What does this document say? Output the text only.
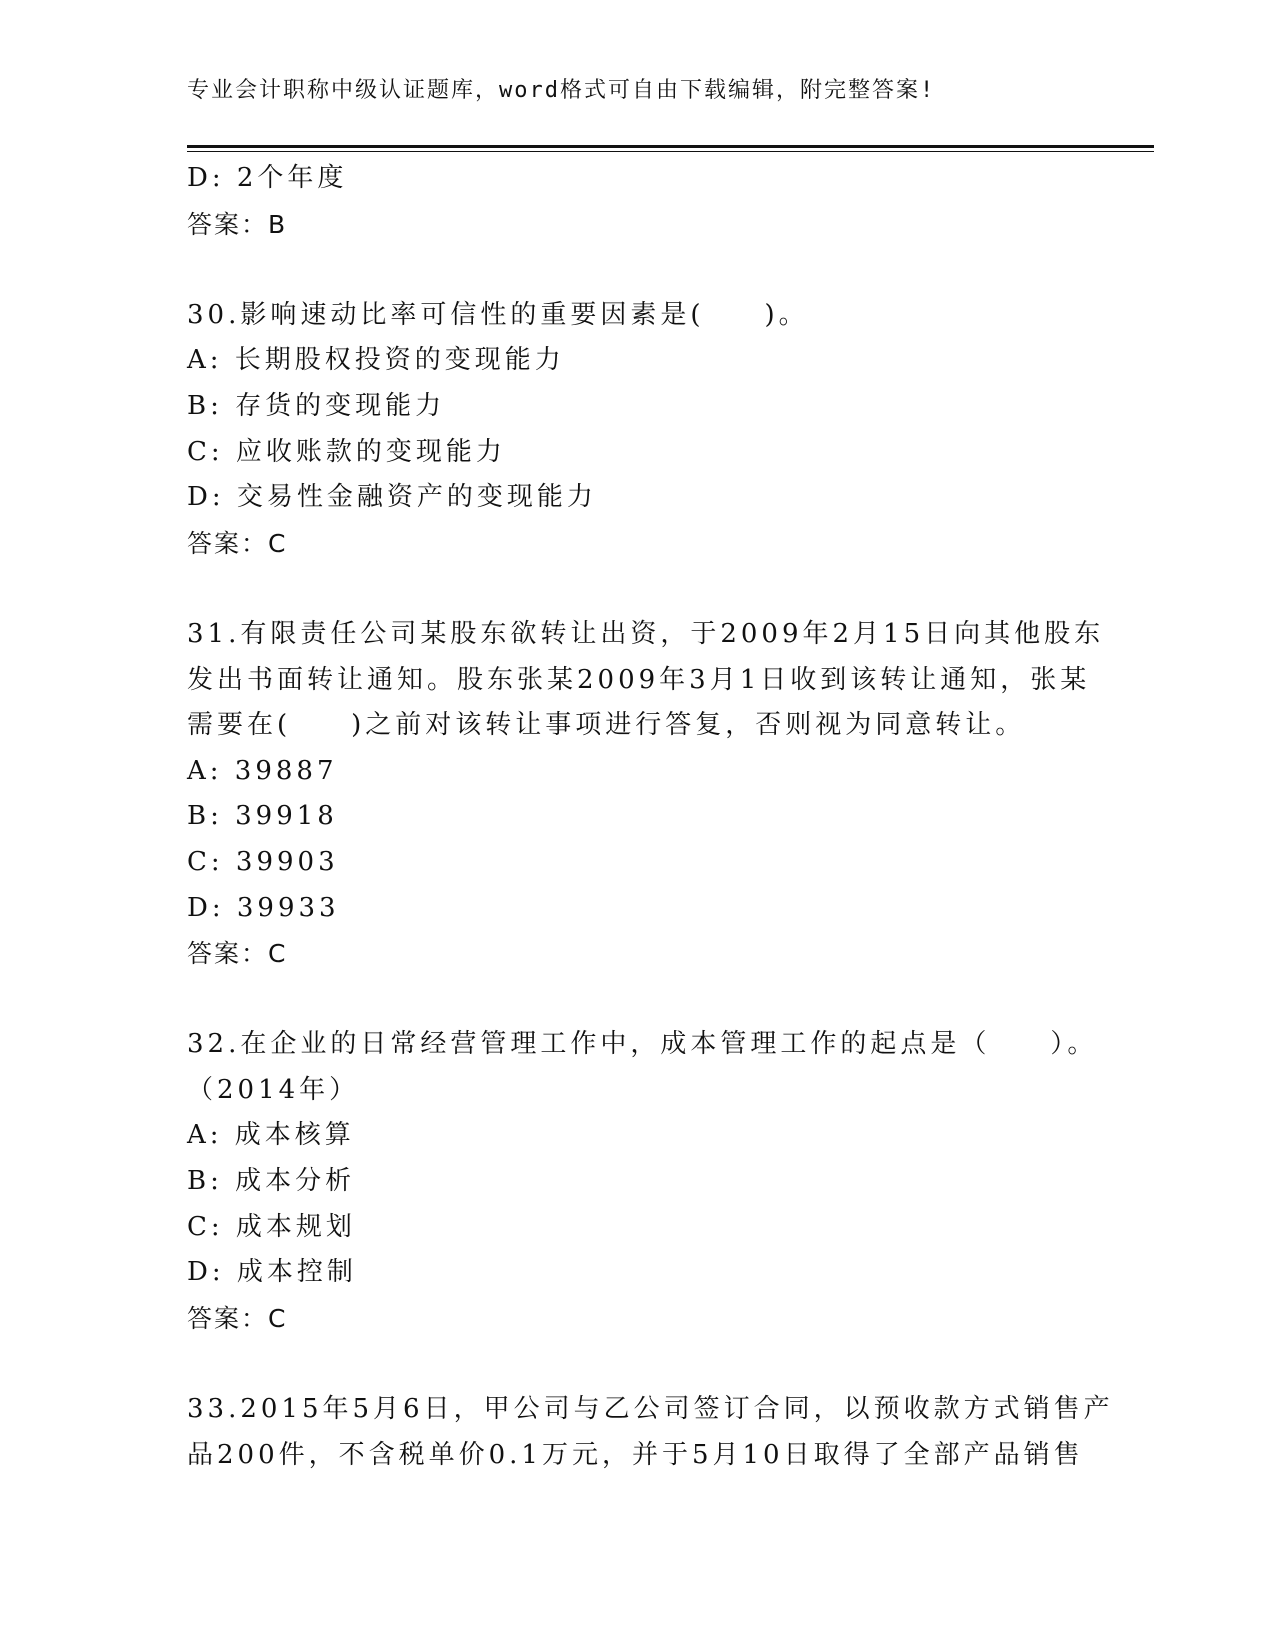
专业会计职称中级认证题库，word格式可自由下载编辑，附完整答案!
D: 2个年度
答案：B
30.影响速动比率可信性的重要因素是(　　)。
A: 长期股权投资的变现能力
B: 存货的变现能力
C: 应收账款的变现能力
D: 交易性金融资产的变现能力
答案：C
31.有限责任公司某股东欲转让出资，于2009年2月15日向其他股东
发出书面转让通知。股东张某2009年3月1日收到该转让通知，张某
需要在(　　)之前对该转让事项进行答复，否则视为同意转让。
A: 39887
B: 39918
C: 39903
D: 39933
答案：C
32.在企业的日常经营管理工作中，成本管理工作的起点是（　　）。
（2014年）
A: 成本核算
B: 成本分析
C: 成本规划
D: 成本控制
答案：C
33.2015年5月6日，甲公司与乙公司签订合同，以预收款方式销售产
品200件，不含税单价0.1万元，并于5月10日取得了全部产品销售
